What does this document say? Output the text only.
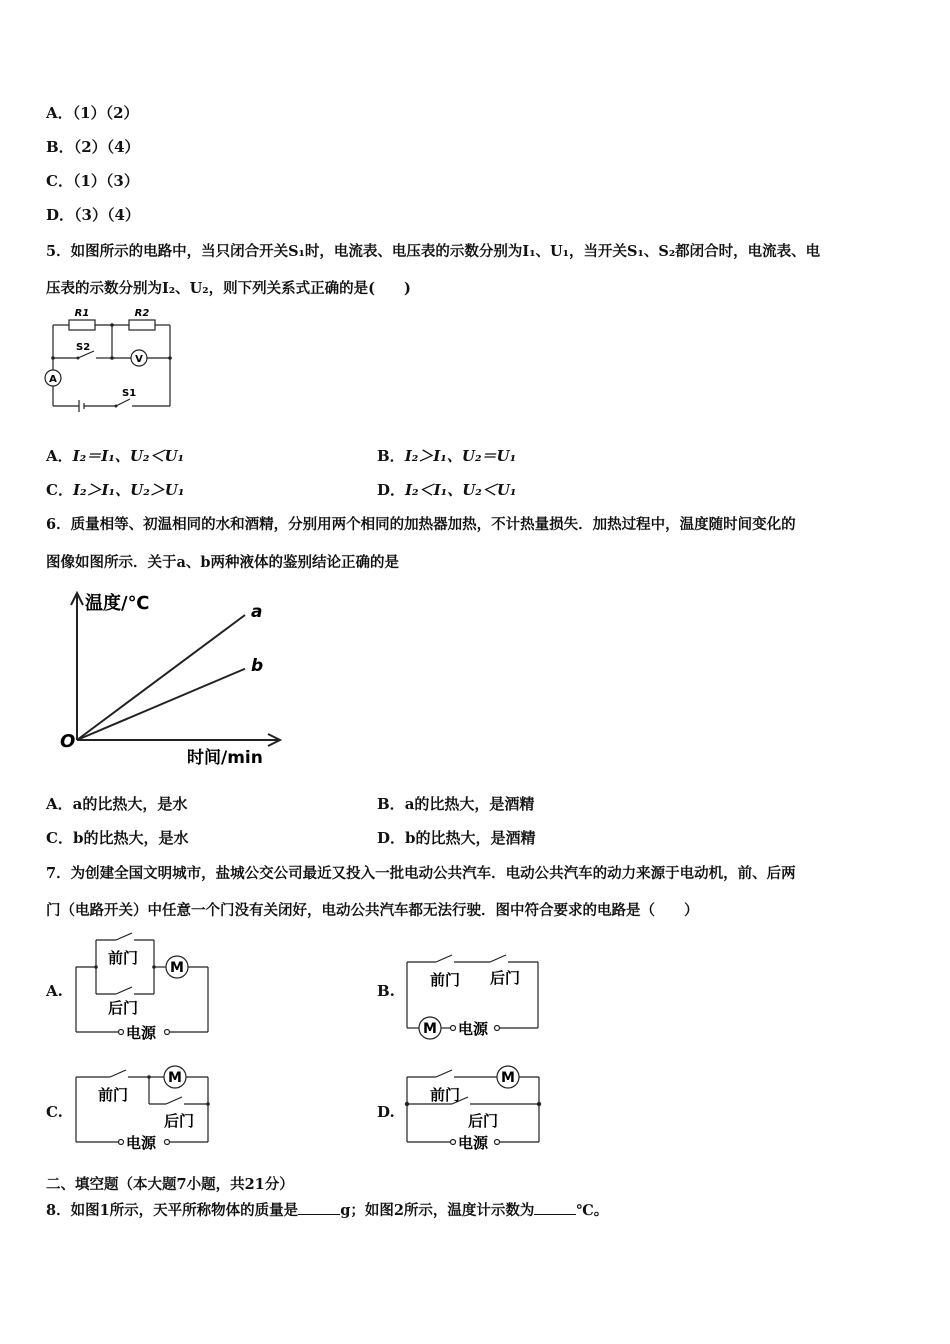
A．（1）（2）
B．（2）（4）
C．（1）（3）
D．（3）（4）
5．如图所示的电路中，当只闭合开关S₁时，电流表、电压表的示数分别为I₁、U₁，当开关S₁、S₂都闭合时，电流表、电
压表的示数分别为I₂、U₂，则下列关系式正确的是(　　)
A
V
R1	R2
S2
S1
A．I₂＝I₁、U₂＜U₁	B．I₂＞I₁、U₂＝U₁
C．I₂＞I₁、U₂＞U₁	D．I₂＜I₁、U₂＜U₁
6．质量相等、初温相同的水和酒精，分别用两个相同的加热器加热，不计热量损失．加热过程中，温度随时间变化的
图像如图所示．关于a、b两种液体的鉴别结论正确的是
a
b
温度/℃
时间/min
O
A．a的比热大，是水	B．a的比热大，是酒精
C．b的比热大，是水	D．b的比热大，是酒精
7．为创建全国文明城市，盐城公交公司最近又投入一批电动公共汽车．电动公共汽车的动力来源于电动机，前、后两
门（电路开关）中任意一个门没有关闭好，电动公共汽车都无法行驶．图中符合要求的电路是（　　）
A.
M
前门
后门
电源
B.
M
前门 后门
电源
C.
M
前门
后门
电源
D.
M
前门
后门
电源
二、填空题（本大题7小题，共21分）
8．如图1所示，天平所称物体的质量是	g；如图2所示，温度计示数为	℃。
